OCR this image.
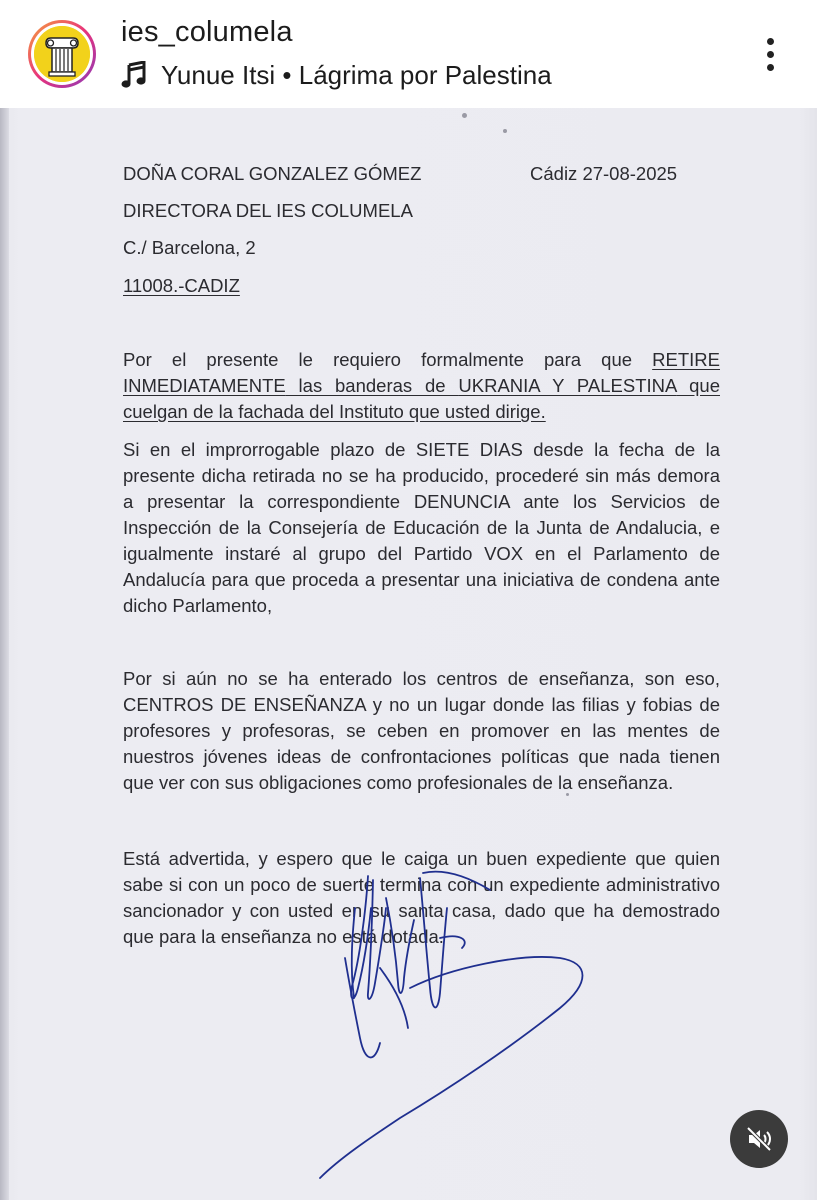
ies_columela
Yunue Itsi • Lágrima por Palestina
DOÑA CORAL GONZALEZ GÓMEZ	Cádiz 27-08-2025
DIRECTORA DEL IES COLUMELA
C./ Barcelona, 2
11008.-CADIZ
Por el presente le requiero formalmente para que RETIRE INMEDIATAMENTE las banderas de UKRANIA Y PALESTINA que cuelgan de la fachada del Instituto que usted dirige.
Si en el improrrogable plazo de SIETE DIAS desde la fecha de la presente dicha retirada no se ha producido, procederé sin más demora a presentar la correspondiente DENUNCIA ante los Servicios de Inspección de la Consejería de Educación de la Junta de Andalucia, e igualmente instaré al grupo del Partido VOX en el Parlamento de Andalucía para que proceda a presentar una iniciativa de condena ante dicho Parlamento,
Por si aún no se ha enterado los centros de enseñanza, son eso, CENTROS DE ENSEÑANZA y no un lugar donde las filias y fobias de profesores y profesoras, se ceben en promover en las mentes de nuestros jóvenes ideas de confrontaciones políticas que nada tienen que ver con sus obligaciones como profesionales de la enseñanza.
Está advertida, y espero que le caiga un buen expediente que quien sabe si con un poco de suerte termina con un expediente administrativo sancionador y con usted en su santa casa, dado que ha demostrado que para la enseñanza no está dotada.
